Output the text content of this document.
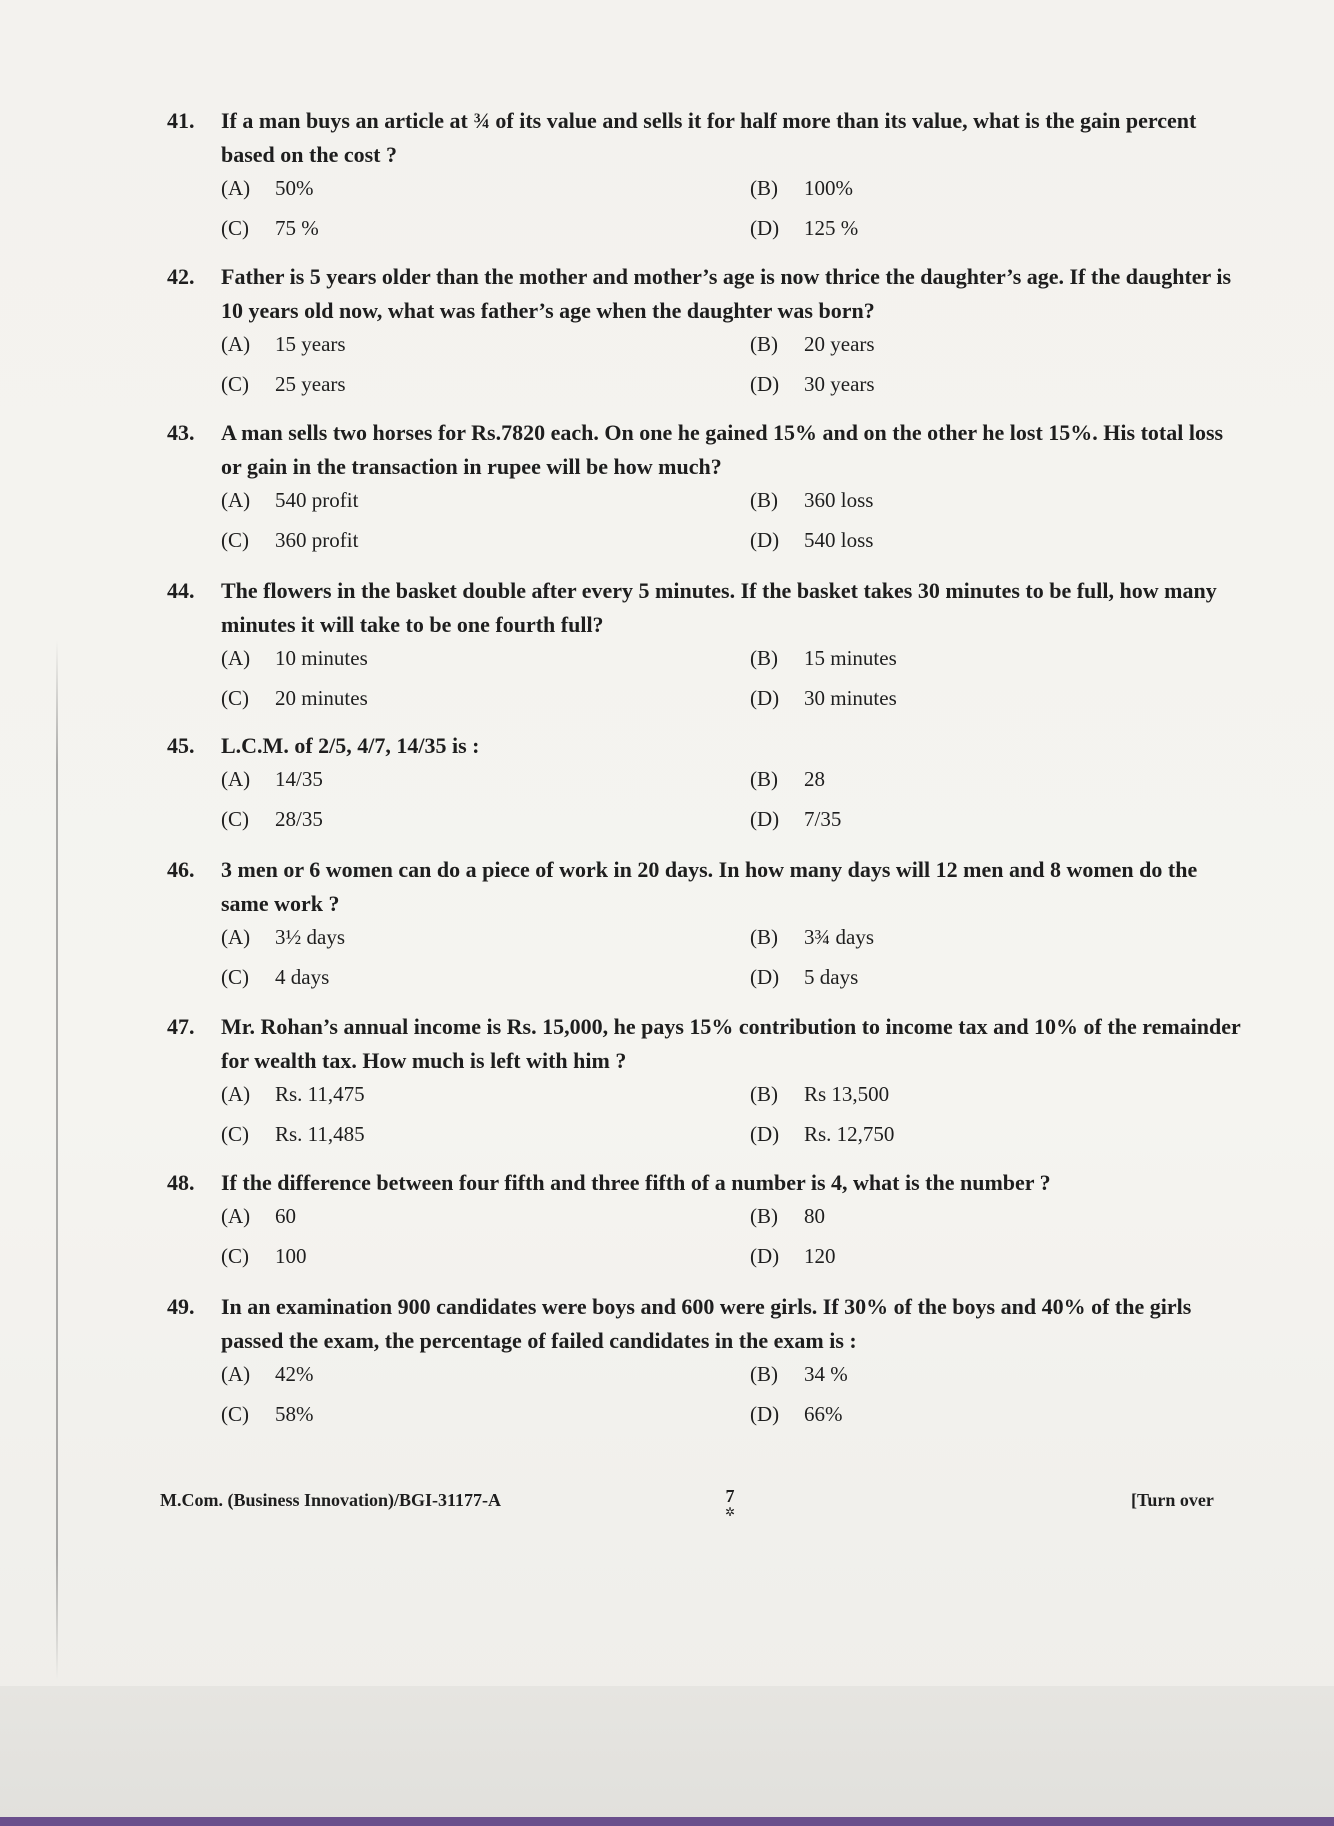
41. If a man buys an article at ¾ of its value and sells it for half more than its value, what is the gain percent based on the cost ?
(A) 50%	(B) 100%
(C) 75 %	(D) 125 %
42. Father is 5 years older than the mother and mother’s age is now thrice the daughter’s age. If the daughter is 10 years old now, what was father’s age when the daughter was born?
(A) 15 years	(B) 20 years
(C) 25 years	(D) 30 years
43. A man sells two horses for Rs.7820 each. On one he gained 15% and on the other he lost 15%. His total loss or gain in the transaction in rupee will be how much?
(A) 540 profit	(B) 360 loss
(C) 360 profit	(D) 540 loss
44. The flowers in the basket double after every 5 minutes. If the basket takes 30 minutes to be full, how many minutes it will take to be one fourth full?
(A) 10 minutes	(B) 15 minutes
(C) 20 minutes	(D) 30 minutes
45. L.C.M. of 2/5, 4/7, 14/35 is :
(A) 14/35	(B) 28
(C) 28/35	(D) 7/35
46. 3 men or 6 women can do a piece of work in 20 days. In how many days will 12 men and 8 women do the same work ?
(A) 3½ days	(B) 3¾ days
(C) 4 days	(D) 5 days
47. Mr. Rohan’s annual income is Rs. 15,000, he pays 15% contribution to income tax and 10% of the remainder for wealth tax. How much is left with him ?
(A) Rs. 11,475	(B) Rs 13,500
(C) Rs. 11,485	(D) Rs. 12,750
48. If the difference between four fifth and three fifth of a number is 4, what is the number ?
(A) 60	(B) 80
(C) 100	(D) 120
49. In an examination 900 candidates were boys and 600 were girls. If 30% of the boys and 40% of the girls passed the exam, the percentage of failed candidates in the exam is :
(A) 42%	(B) 34 %
(C) 58%	(D) 66%
M.Com. (Business Innovation)/BGI-31177-A	7
✲
[Turn over
